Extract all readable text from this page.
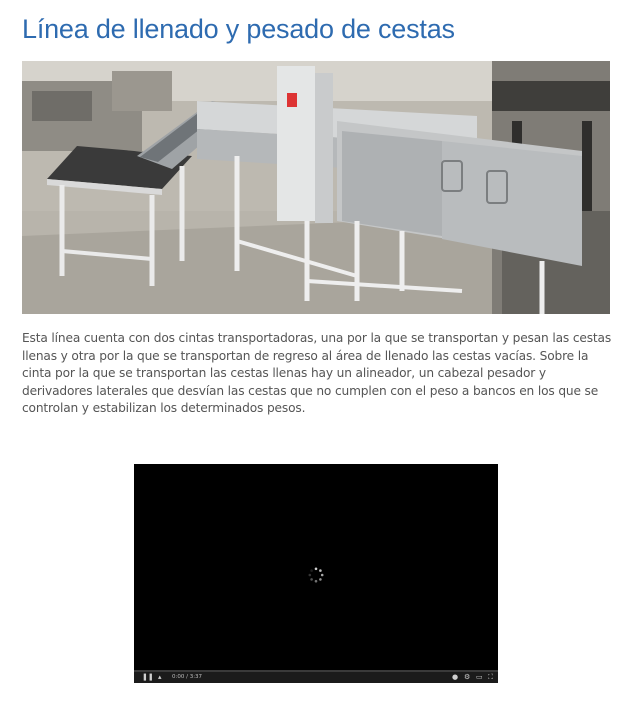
Línea de llenado y pesado de cestas

Esta línea cuenta con dos cintas transportadoras, una por la que se transportan y pesan las cestas llenas y otra por la que se transportan de regreso al área de llenado las cestas vacías. Sobre la cinta por la que se transportan las cestas llenas hay un alineador, un cabezal pesador y derivadores laterales que desvían las cestas que no cumplen con el peso a bancos en los que se controlan y estabilizan los determinados pesos.

❚❚ ▴ 0:00 / 3:37	● ⚙ ▭ ⛶
